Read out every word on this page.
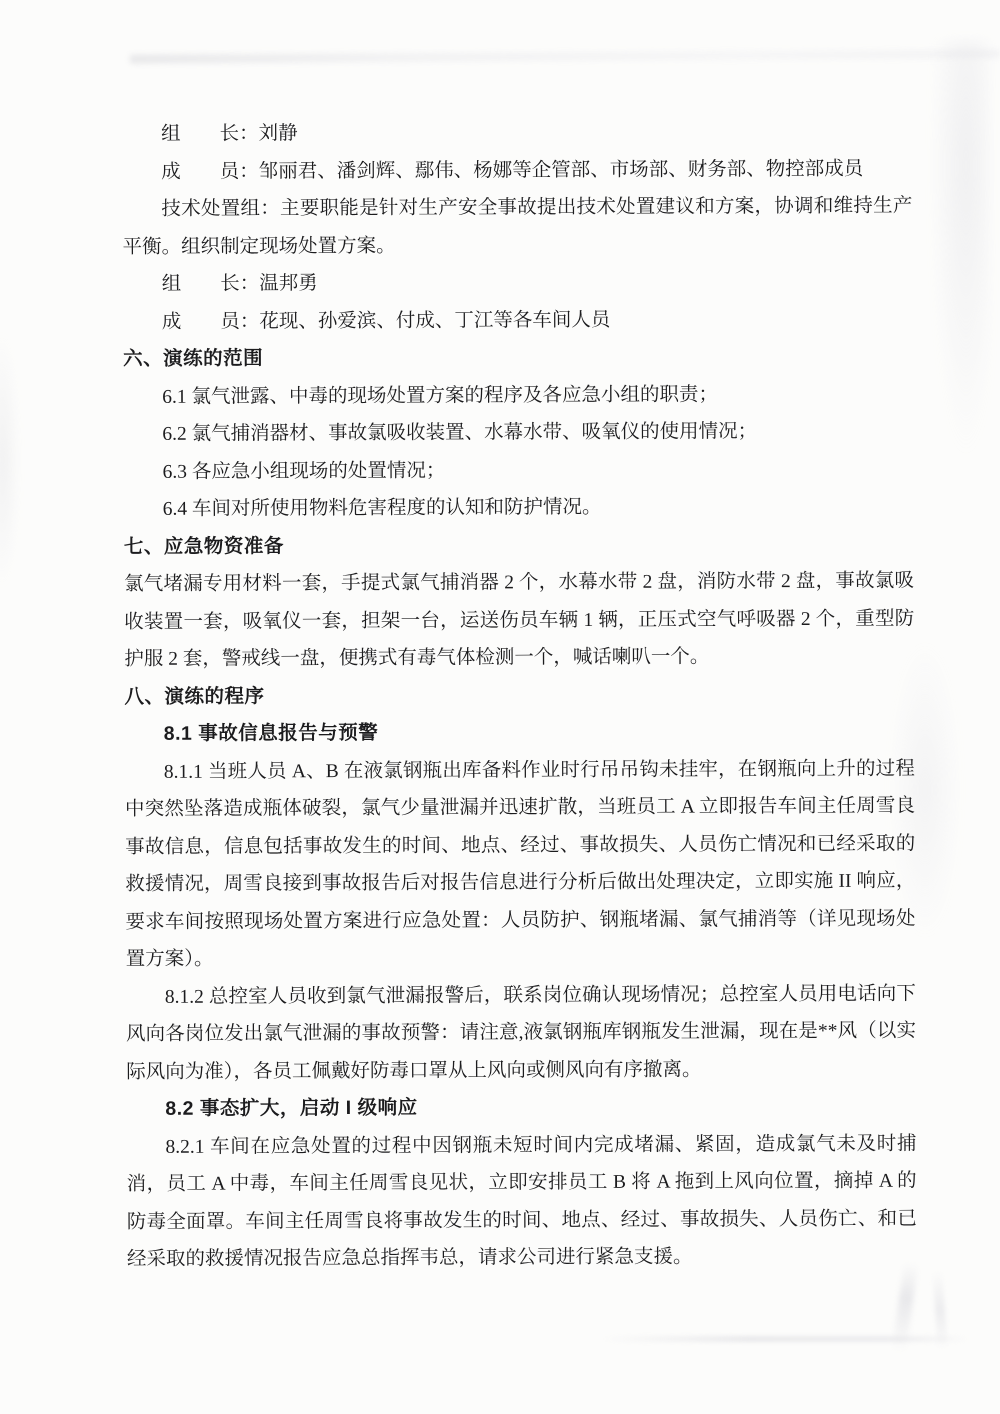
组　　长：刘静

成　　员：邹丽君、潘剑辉、鄢伟、杨娜等企管部、市场部、财务部、物控部成员

技术处置组：主要职能是针对生产安全事故提出技术处置建议和方案，协调和维持生产平衡。组织制定现场处置方案。

组　　长：温邦勇

成　　员：花现、孙爱滨、付成、丁江等各车间人员

六、演练的范围

6.1 氯气泄露、中毒的现场处置方案的程序及各应急小组的职责；

6.2 氯气捕消器材、事故氯吸收装置、水幕水带、吸氧仪的使用情况；

6.3 各应急小组现场的处置情况；

6.4 车间对所使用物料危害程度的认知和防护情况。

七、应急物资准备

氯气堵漏专用材料一套，手提式氯气捕消器 2 个，水幕水带 2 盘，消防水带 2 盘，事故氯吸收装置一套，吸氧仪一套，担架一台，运送伤员车辆 1 辆，正压式空气呼吸器 2 个，重型防护服 2 套，警戒线一盘，便携式有毒气体检测一个，喊话喇叭一个。

八、演练的程序

8.1 事故信息报告与预警

8.1.1 当班人员 A、B 在液氯钢瓶出库备料作业时行吊吊钩未挂牢，在钢瓶向上升的过程中突然坠落造成瓶体破裂，氯气少量泄漏并迅速扩散，当班员工 A 立即报告车间主任周雪良事故信息，信息包括事故发生的时间、地点、经过、事故损失、人员伤亡情况和已经采取的救援情况，周雪良接到事故报告后对报告信息进行分析后做出处理决定，立即实施 II 响应，要求车间按照现场处置方案进行应急处置：人员防护、钢瓶堵漏、氯气捕消等（详见现场处置方案）。

8.1.2 总控室人员收到氯气泄漏报警后，联系岗位确认现场情况；总控室人员用电话向下风向各岗位发出氯气泄漏的事故预警：请注意,液氯钢瓶库钢瓶发生泄漏，现在是**风（以实际风向为准），各员工佩戴好防毒口罩从上风向或侧风向有序撤离。

8.2 事态扩大，启动 I 级响应

8.2.1 车间在应急处置的过程中因钢瓶未短时间内完成堵漏、紧固，造成氯气未及时捕消，员工 A 中毒，车间主任周雪良见状，立即安排员工 B 将 A 拖到上风向位置，摘掉 A 的防毒全面罩。车间主任周雪良将事故发生的时间、地点、经过、事故损失、人员伤亡、和已经采取的救援情况报告应急总指挥韦总，请求公司进行紧急支援。
